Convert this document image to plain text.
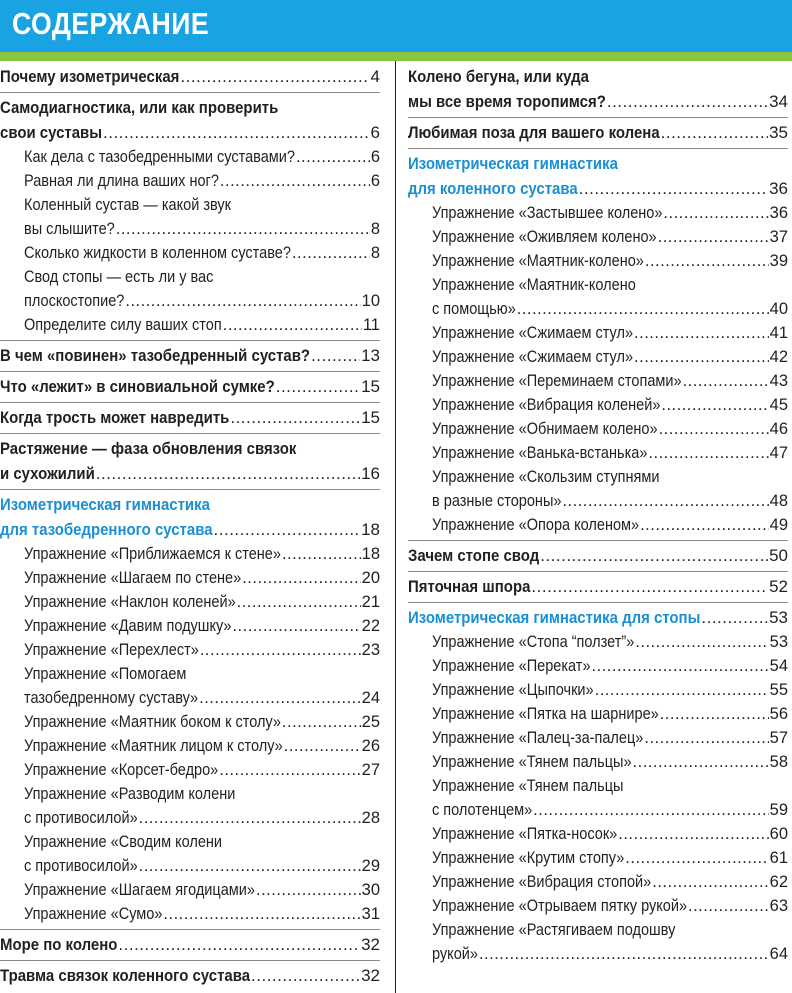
СОДЕРЖАНИЕ
Почему изометрическая .....	4
Самодиагностика, или как проверить
свои суставы .....	6
Как дела с тазобедренными суставами? .....	6
Равная ли длина ваших ног? .....	6
Коленный сустав — какой звук
вы слышите? .....	8
Сколько жидкости в коленном суставе? .....	8
Свод стопы — есть ли у вас
плоскостопие? .....	10
Определите силу ваших стоп .....	11
В чем «повинен» тазобедренный сустав? .....	13
Что «лежит» в синовиальной сумке? .....	15
Когда трость может навредить .....	15
Растяжение — фаза обновления связок
и сухожилий .....	16
Изометрическая гимнастика
для тазобедренного сустава .....	18
Упражнение «Приближаемся к стене» .....	18
Упражнение «Шагаем по стене» .....	20
Упражнение «Наклон коленей» .....	21
Упражнение «Давим подушку» .....	22
Упражнение «Перехлест» .....	23
Упражнение «Помогаем
тазобедренному суставу» .....	24
Упражнение «Маятник боком к столу» .....	25
Упражнение «Маятник лицом к столу» .....	26
Упражнение «Корсет-бедро» .....	27
Упражнение «Разводим колени
с противосилой» .....	28
Упражнение «Сводим колени
с противосилой» .....	29
Упражнение «Шагаем ягодицами» .....	30
Упражнение «Сумо» .....	31
Море по колено .....	32
Травма связок коленного сустава .....	32
Колено бегуна, или куда
мы все время торопимся? .....	34
Любимая поза для вашего колена .....	35
Изометрическая гимнастика
для коленного сустава .....	36
Упражнение «Застывшее колено» .....	36
Упражнение «Оживляем колено» .....	37
Упражнение «Маятник-колено» .....	39
Упражнение «Маятник-колено
с помощью» .....	40
Упражнение «Сжимаем стул» .....	41
Упражнение «Сжимаем стул» .....	42
Упражнение «Переминаем стопами» .....	43
Упражнение «Вибрация коленей» .....	45
Упражнение «Обнимаем колено» .....	46
Упражнение «Ванька-встанька» .....	47
Упражнение «Скользим ступнями
в разные стороны» .....	48
Упражнение «Опора коленом» .....	49
Зачем стопе свод .....	50
Пяточная шпора .....	52
Изометрическая гимнастика для стопы .....	53
Упражнение «Стопа “ползет”» .....	53
Упражнение «Перекат» .....	54
Упражнение «Цыпочки» .....	55
Упражнение «Пятка на шарнире» .....	56
Упражнение «Палец-за-палец» .....	57
Упражнение «Тянем пальцы» .....	58
Упражнение «Тянем пальцы
с полотенцем» .....	59
Упражнение «Пятка-носок» .....	60
Упражнение «Крутим стопу» .....	61
Упражнение «Вибрация стопой» .....	62
Упражнение «Отрываем пятку рукой» .....	63
Упражнение «Растягиваем подошву
рукой» .....	64
